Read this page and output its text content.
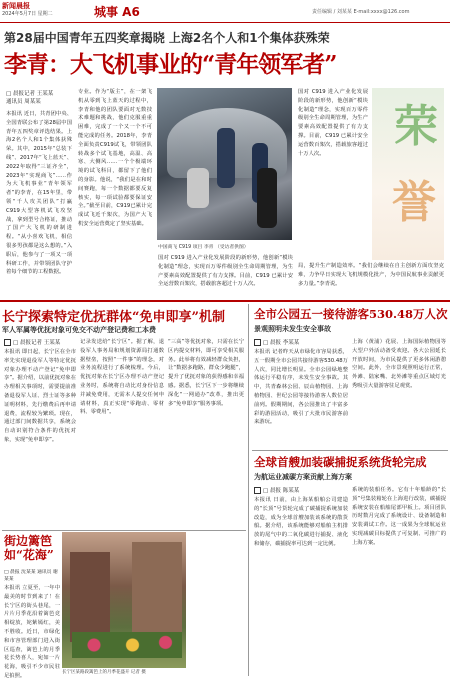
新闻晨报
2024年5月7日 星期二	城事 A6	责任编辑 / 刘某某 E-mail:xxxx@126.com
第28届中国青年五四奖章揭晓 上海2名个人和1个集体获殊荣
李青：大飞机事业的“青年领军者”
□ 晨报记者 王某某
通讯员 周某某
本报讯 近日，共青团中央、全国青联公布了第28届中国青年五四奖章评选结果。上海2名个人和1个集体获殊荣。其中，2015年“总装下线”、2017年“飞上蓝天”、2022年取得“三证齐全”，2023年“实现商飞”……作为大飞机事业“青年领军者”的李青，在15年里，带领“千人攻关团队”打赢C919大型客机试飞攻坚战，拿到型号合格证，推动了国产大飞机的研制进程。“从小喜欢飞机，相信很多男孩都是这么想的。”入职后，他参与了一项又一项科研工作，并带领团队守护着每个细节的工程数据。
专业。作为“版主”，在一架飞机从零到飞上蓝天的过程中，李青和他的团队要面对无数技术难题和挑战，他们克服重重困难，完成了一个又一个不可能完成的任务。2018年，李青全面负责C919试飞，带领团队转战多个试飞基地，高温、高寒、大侧风……一个个极端环境的试飞科目，都留下了他们的身影。他说，“我们是在和时间赛跑，每一个数据都要反复核实，每一项试验都要保证安全。”截至目前，C919已累计完成试飞近千架次，为国产大飞机安全运营奠定了坚实基础。
中国商飞 C919 项目 李青 （受访者供图）
荣
誉
国对 C919 进入产业化发展阶段的新形势，他创新“模块化制造”理念，实现百万零件级别全生命周期管理，为生产要素高效配置提供了有力支撑。目前，C919 已累计安全运营数百架次，搭载旅客超过十万人次。
国对 C919 进入产业化发展阶段的新形势，他创新“模块化制造”理念，实现百万零件级别全生命周期管理，为生产要素高效配置提供了有力支撑。目前，C919 已累计安全运营数百架次，搭载旅客超过十万人次。
局，提升生产制造效率。“我们会继续在自主创新方面攻坚克难，力争早日实现大飞机规模化批产，为中国民航事业贡献更多力量。”李青说。
长宁探索特定优抚群体“免申即享”机制
军人军属等优抚对象可免交不动产登记费和工本费
□ 晨报记者 王某某
本报讯 即日起，长宁区在全市率先实现退役军人等特定优抚对象办理不动产登记“免申即享”。据介绍，以前优抚对象在办理相关事项时，需要提前准备退役军人证、烈士证等多种证明材料，先行缴费后再申请退费，流程较为繁琐。现在，通过部门间数据共享，系统会自动识别符合条件的优抚对象，实现“免申即享”。
记录发送给“长宁区”。据了解，退役军人事务局和规划资源局打通数据壁垒，按照“一件事”的理念，对业务流程进行了系统梳理。今后，优抚对象在长宁区办理不动产登记业务时，系统将自动比对身份信息并减免费用，无需本人提交任何申请材料，真正实现“零跑动、零材料、零费用”。
“三高”等优抚对象，只需在长宁区内提交材料，即可享受相关服务。此举将有效减轻群众负担，让“数据多跑路，群众少跑腿”，提升了优抚对象的获得感和幸福感。据悉，长宁区下一步将继续深化“一网通办”改革，推出更多“免申即享”服务事项。
全市公园五一接待游客530.48万人次
景观照明未发生安全事故
□ 晨报 李某某
本报讯 记者昨天从市绿化市容局获悉，五一假期全市公园共接待游客530.48万人次，同比增长明显。全市公园绿地整体运行平稳有序，未发生安全事故。其中，共青森林公园、辰山植物园、上海植物园、世纪公园等接待游客人数位居前列。假期期间，各公园推出了丰富多彩的游园活动，吸引了大批市民游客前来游玩。
上海（黄浦）花展、上海国际植物园等大型户外活动备受欢迎。各大公园延长开放时间，为市民提供了更多休闲游憩空间。此外，全市景观照明运行正常，外滩、陆家嘴、北外滩等重点区域灯光秀吸引大量游客驻足观赏。
全球首艘加装碳捕捉系统货轮完成
为航运业减碳方案贡献上海方案
□ 晨报 陈某某
本报讯 日前，由上海某船舶公司建造的“长顶”号货轮完成了碳捕捉系统加装改造，成为全球首艘加装该系统的散货船。据介绍，该系统能够对船舶主机排放的尾气中的二氧化碳进行捕捉、液化和储存，碳捕捉率可达到一定比例。
系统的装船任务。它有十年船龄的“长顶”号集装箱轮在上海进行改装，碳捕捉系统安装在船舶尾部甲板上。项目团队历时数月完成了系统设计、设备制造和安装调试工作。这一成果为全球航运业实现减碳目标提供了可复制、可推广的上海方案。
街边篱笆如“花海”
□ 晨报 沈某某 通讯员 谢某某
本报讯 立夏至，一年中最美的时节到来了！在长宁区的街头巷尾，一片片月季花沿着篱笆竞相绽放，姹紫嫣红，美不胜收。近日，市绿化和市容管理部门进入街区巡查，篱笆上的月季花长势喜人，宛如一片花海，吸引不少市民驻足拍照。
长宁区某路段篱笆上的月季花盛开 记者 摄
